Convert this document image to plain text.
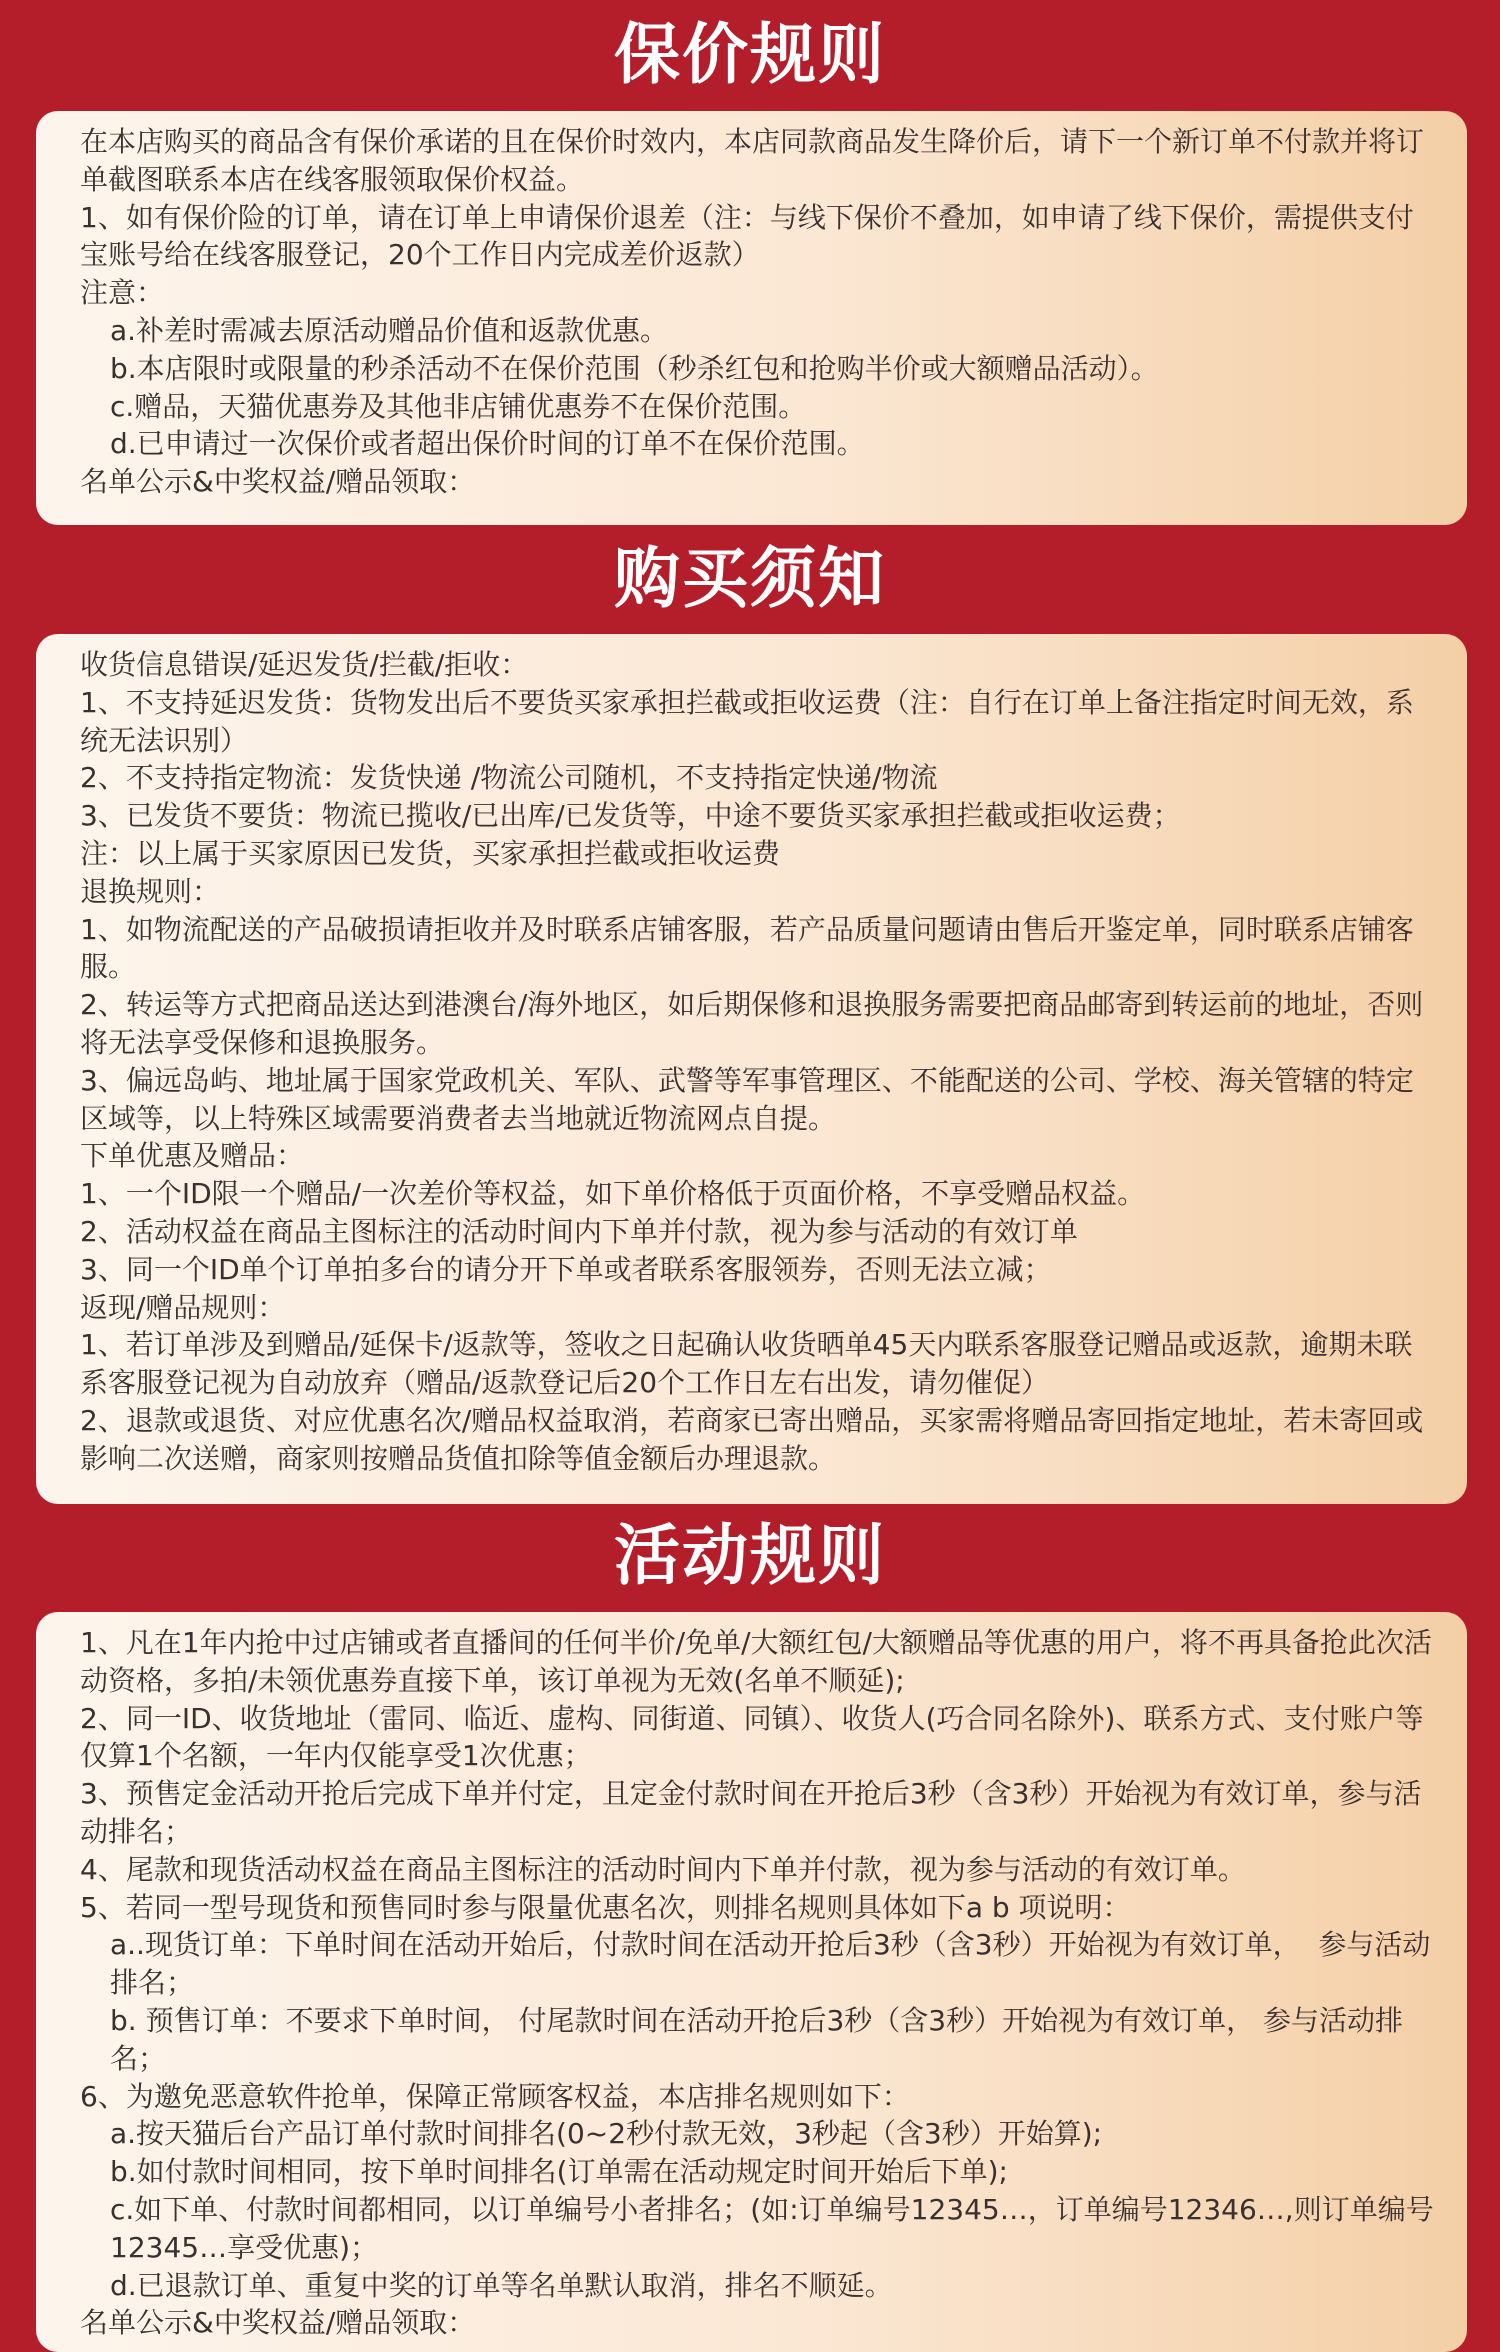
保价规则
在本店购买的商品含有保价承诺的且在保价时效内，本店同款商品发生降价后，请下一个新订单不付款并将订单截图联系本店在线客服领取保价权益。
1、如有保价险的订单，请在订单上申请保价退差（注：与线下保价不叠加，如申请了线下保价，需提供支付宝账号给在线客服登记，20个工作日内完成差价返款）
注意：
a.补差时需减去原活动赠品价值和返款优惠。
b.本店限时或限量的秒杀活动不在保价范围（秒杀红包和抢购半价或大额赠品活动）。
c.赠品，天猫优惠券及其他非店铺优惠券不在保价范围。
d.已申请过一次保价或者超出保价时间的订单不在保价范围。
名单公示&中奖权益/赠品领取：
购买须知
收货信息错误/延迟发货/拦截/拒收：
1、不支持延迟发货：货物发出后不要货买家承担拦截或拒收运费（注：自行在订单上备注指定时间无效，系统无法识别）
2、不支持指定物流：发货快递 /物流公司随机，不支持指定快递/物流
3、已发货不要货：物流已揽收/已出库/已发货等，中途不要货买家承担拦截或拒收运费；
注：以上属于买家原因已发货，买家承担拦截或拒收运费
退换规则：
1、如物流配送的产品破损请拒收并及时联系店铺客服，若产品质量问题请由售后开鉴定单，同时联系店铺客服。
2、转运等方式把商品送达到港澳台/海外地区，如后期保修和退换服务需要把商品邮寄到转运前的地址，否则将无法享受保修和退换服务。
3、偏远岛屿、地址属于国家党政机关、军队、武警等军事管理区、不能配送的公司、学校、海关管辖的特定区域等，以上特殊区域需要消费者去当地就近物流网点自提。
下单优惠及赠品：
1、一个ID限一个赠品/一次差价等权益，如下单价格低于页面价格，不享受赠品权益。
2、活动权益在商品主图标注的活动时间内下单并付款，视为参与活动的有效订单
3、同一个ID单个订单拍多台的请分开下单或者联系客服领券，否则无法立减；
返现/赠品规则：
1、若订单涉及到赠品/延保卡/返款等，签收之日起确认收货晒单45天内联系客服登记赠品或返款，逾期未联系客服登记视为自动放弃（赠品/返款登记后20个工作日左右出发，请勿催促）
2、退款或退货、对应优惠名次/赠品权益取消，若商家已寄出赠品，买家需将赠品寄回指定地址，若未寄回或影响二次送赠，商家则按赠品货值扣除等值金额后办理退款。
活动规则
1、凡在1年内抢中过店铺或者直播间的任何半价/免单/大额红包/大额赠品等优惠的用户，将不再具备抢此次活动资格，多拍/未领优惠券直接下单，该订单视为无效(名单不顺延);
2、同一ID、收货地址（雷同、临近、虚构、同街道、同镇）、收货人(巧合同名除外)、联系方式、支付账户等仅算1个名额，一年内仅能享受1次优惠；
3、预售定金活动开抢后完成下单并付定，且定金付款时间在开抢后3秒（含3秒）开始视为有效订单，参与活动排名；
4、尾款和现货活动权益在商品主图标注的活动时间内下单并付款，视为参与活动的有效订单。
5、若同一型号现货和预售同时参与限量优惠名次，则排名规则具体如下a b 项说明：
a..现货订单：下单时间在活动开始后，付款时间在活动开抢后3秒（含3秒）开始视为有效订单，  参与活动排名；
b. 预售订单：不要求下单时间， 付尾款时间在活动开抢后3秒（含3秒）开始视为有效订单， 参与活动排名；
6、为邀免恶意软件抢单，保障正常顾客权益，本店排名规则如下：
a.按天猫后台产品订单付款时间排名(0~2秒付款无效，3秒起（含3秒）开始算);
b.如付款时间相同，按下单时间排名(订单需在活动规定时间开始后下单);
c.如下单、付款时间都相同，以订单编号小者排名；(如:订单编号12345…，订单编号12346…,则订单编号12345…享受优惠)；
d.已退款订单、重复中奖的订单等名单默认取消，排名不顺延。
名单公示&中奖权益/赠品领取：
